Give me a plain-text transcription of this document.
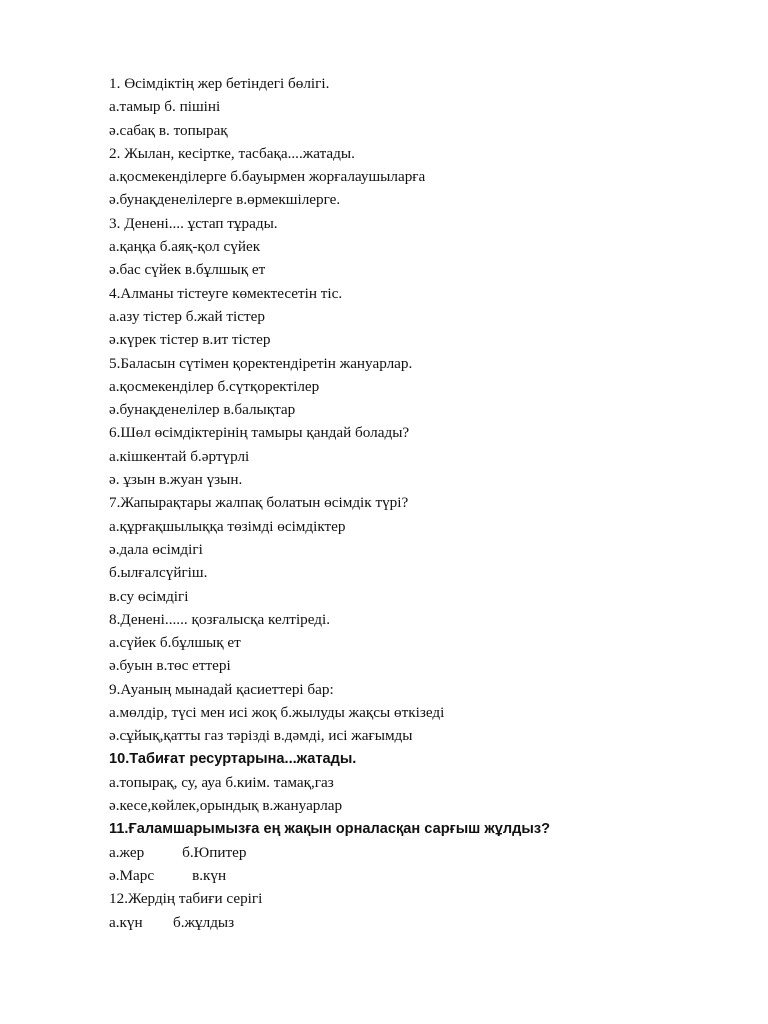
1. Өсімдіктің жер бетіндегі бөлігі.
а.тамыр б. пішіні
ә.сабақ в. топырақ
2. Жылан, кесіртке, тасбақа....жатады.
а.қосмекенділерге б.бауырмен жорғалаушыларға
ә.бунақденелілерге в.өрмекшілерге.
3. Денені.... ұстап тұрады.
а.қаңқа б.аяқ-қол сүйек
ә.бас сүйек в.бұлшық ет
4.Алманы тістеуге көмектесетін тіс.
а.азу тістер б.жай тістер
ә.күрек тістер в.ит тістер
5.Баласын сүтімен қоректендіретін жануарлар.
а.қосмекенділер б.сүтқоректілер
ә.бунақденелілер в.балықтар
6.Шөл өсімдіктерінің тамыры қандай болады?
а.кішкентай б.әртүрлі
ә. ұзын в.жуан үзын.
7.Жапырақтары жалпақ болатын өсімдік түрі?
а.құрғақшылыққа төзімді өсімдіктер
ә.дала өсімдігі
б.ылғалсүйгіш.
в.су өсімдігі
8.Денені...... қозғалысқа келтіреді.
а.сүйек б.бұлшық ет
ә.буын в.төс еттері
9.Ауаның мынадай қасиеттері бар:
а.мөлдір, түсі мен исі жоқ б.жылуды жақсы өткізеді
ә.сұйық,қатты газ тәрізді в.дәмді, исі жағымды
10.Табиғат ресуртарына...жатады.
а.топырақ, су, ауа б.киім. тамақ,газ
ә.кесе,көйлек,орындық в.жануарлар
11.Ғаламшарымызға ең жақын орналасқан сарғыш жұлдыз?
а.жер          б.Юпитер
ә.Марс          в.күн
12.Жердің табиғи серігі
а.күн        б.жұлдыз
